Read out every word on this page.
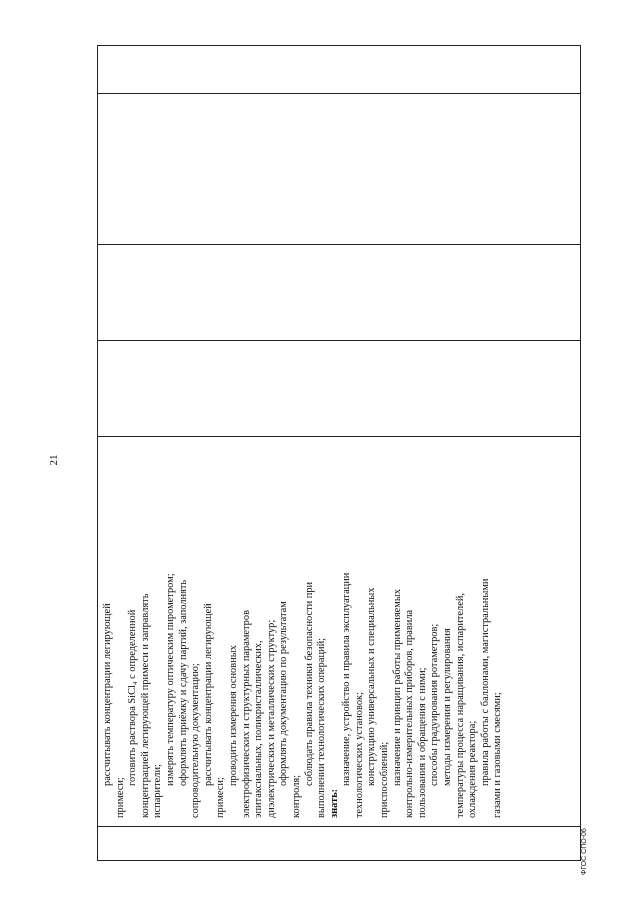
21
рассчитывать концентрации легирующей
примеси;
готовить раствора SiCl₄ с определенной концентрацией легирующей примеси и заправлять испарители;
измерять температуру оптическим пирометром; оформлять приёмку и сдачу партий, заполнять сопроводительную документацию; рассчитывать концентрации легирующей
примеси;
проводить измерения основных электрофизических и структурных параметров эпитаксиальных, поликристаллических, диэлектрических и металлических структур; оформлять документацию по результатам
контроля;
соблюдать правила техники безопасности при выполнении технологических операций; знать:
назначение, устройство и правила эксплуатации технологических установок; конструкцию универсальных и специальных приспособлений; назначение и принцип работы применяемых контрольно-измерительных приборов, правила пользования и обращения с ними; способы градуирования ротаметров; методы измерения и регулирования температуры процесса наращивания, испарителей, охлаждения реактора; правила работы с баллонами, магистральными газами и газовыми смесями;
ФГОС СПО-06
